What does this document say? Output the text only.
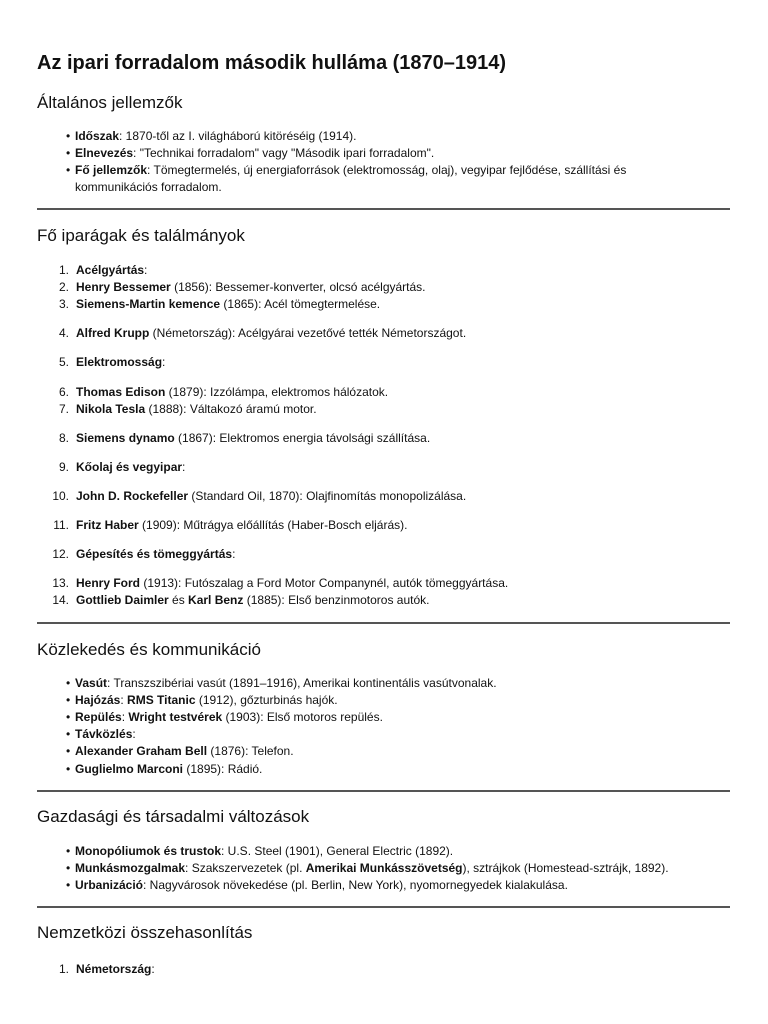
Az ipari forradalom második hulláma (1870–1914)
Általános jellemzők
• Időszak: 1870-től az I. világháború kitöréséig (1914).
• Elnevezés: "Technikai forradalom" vagy "Második ipari forradalom".
• Fő jellemzők: Tömegtermelés, új energiaforrások (elektromosság, olaj), vegyipar fejlődése, szállítási és
kommunikációs forradalom.
Fő iparágak és találmányok
1. Acélgyártás:
2. Henry Bessemer (1856): Bessemer-konverter, olcsó acélgyártás.
3. Siemens-Martin kemence (1865): Acél tömegtermelése.
4. Alfred Krupp (Németország): Acélgyárai vezetővé tették Németországot.
5. Elektromosság:
6. Thomas Edison (1879): Izzólámpa, elektromos hálózatok.
7. Nikola Tesla (1888): Váltakozó áramú motor.
8. Siemens dynamo (1867): Elektromos energia távolsági szállítása.
9. Kőolaj és vegyipar:
10. John D. Rockefeller (Standard Oil, 1870): Olajfinomítás monopolizálása.
11. Fritz Haber (1909): Műtrágya előállítás (Haber-Bosch eljárás).
12. Gépesítés és tömeggyártás:
13. Henry Ford (1913): Futószalag a Ford Motor Companynél, autók tömeggyártása.
14. Gottlieb Daimler és Karl Benz (1885): Első benzinmotoros autók.
Közlekedés és kommunikáció
• Vasút: Transzszibériai vasút (1891–1916), Amerikai kontinentális vasútvonalak.
• Hajózás: RMS Titanic (1912), gőzturbinás hajók.
• Repülés: Wright testvérek (1903): Első motoros repülés.
• Távközlés:
• Alexander Graham Bell (1876): Telefon.
• Guglielmo Marconi (1895): Rádió.
Gazdasági és társadalmi változások
• Monopóliumok és trustok: U.S. Steel (1901), General Electric (1892).
• Munkásmozgalmak: Szakszervezetek (pl. Amerikai Munkásszövetség), sztrájkok (Homestead-sztrájk, 1892).
• Urbanizáció: Nagyvárosok növekedése (pl. Berlin, New York), nyomornegyedek kialakulása.
Nemzetközi összehasonlítás
1. Németország:
